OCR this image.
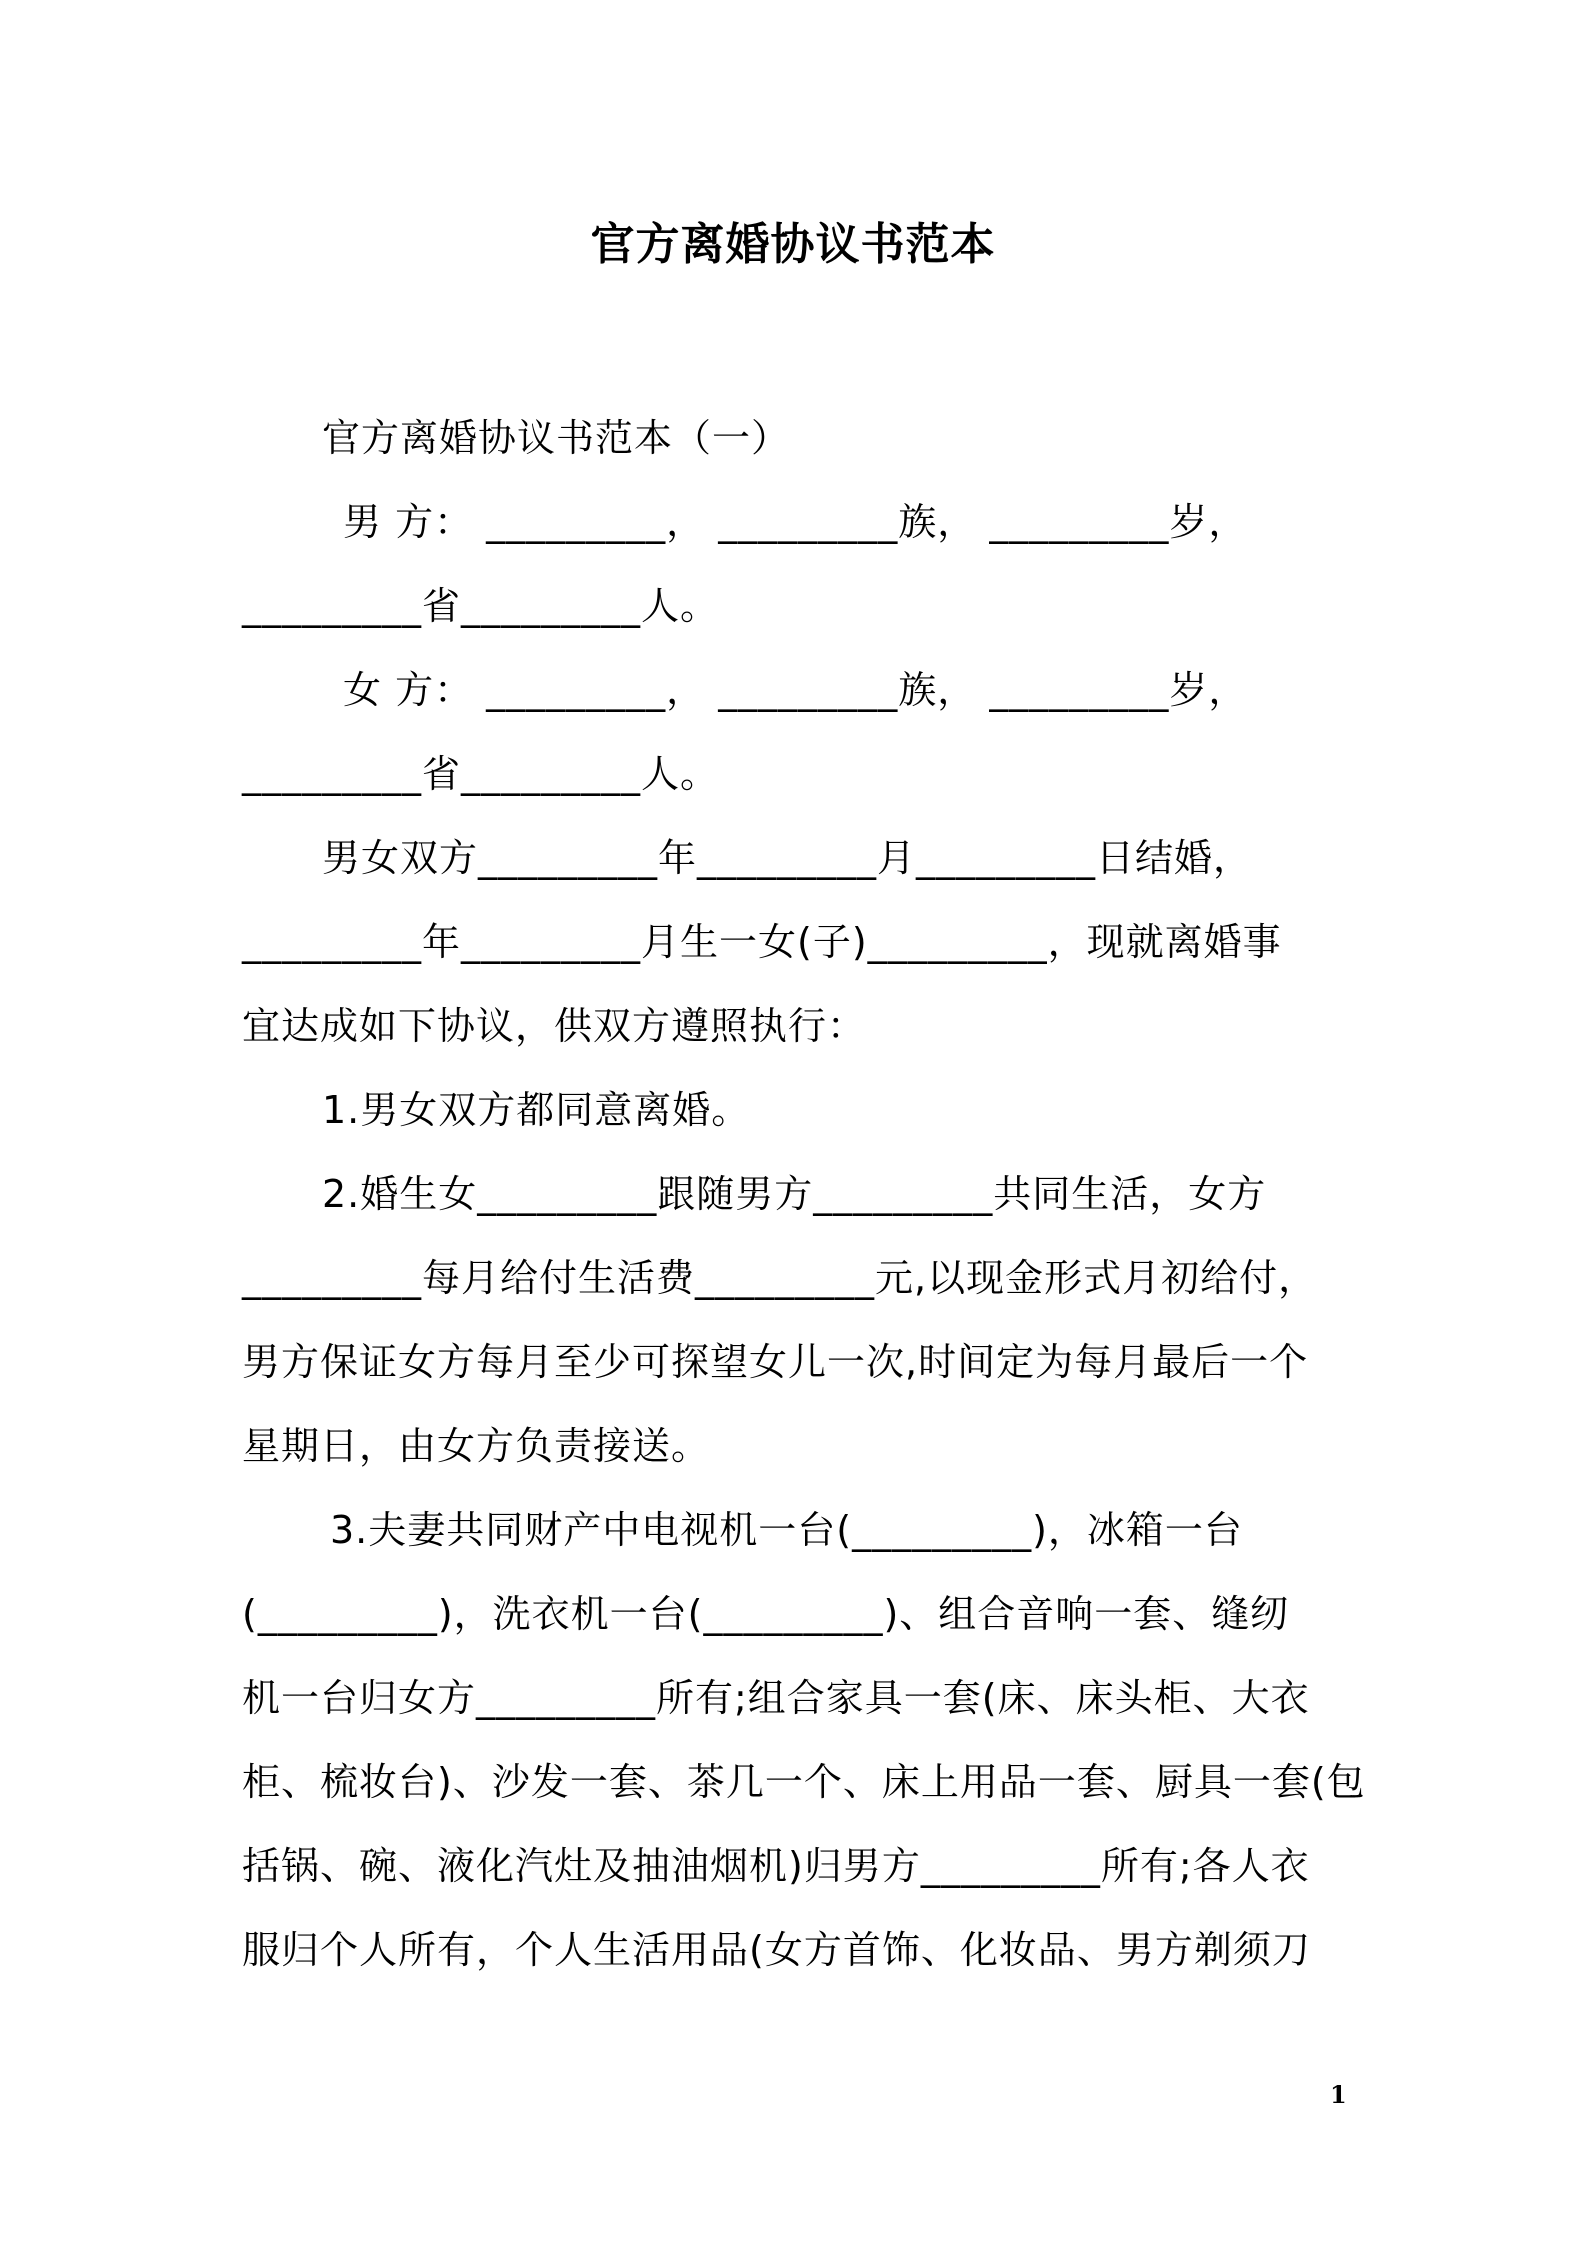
官方离婚协议书范本
官方离婚协议书范本（一）
男 方： _________， _________族， _________岁，
_________省_________人。
女 方： _________， _________族， _________岁，
_________省_________人。
男女双方_________年_________月_________日结婚，
_________年_________月生一女(子)_________，现就离婚事
宜达成如下协议，供双方遵照执行：
1.男女双方都同意离婚。
2.婚生女_________跟随男方_________共同生活，女方
_________每月给付生活费_________元,以现金形式月初给付，
男方保证女方每月至少可探望女儿一次,时间定为每月最后一个
星期日，由女方负责接送。
3.夫妻共同财产中电视机一台(_________)，冰箱一台
(_________)，洗衣机一台(_________)、组合音响一套、缝纫
机一台归女方_________所有;组合家具一套(床、床头柜、大衣
柜、梳妆台)、沙发一套、茶几一个、床上用品一套、厨具一套(包
括锅、碗、液化汽灶及抽油烟机)归男方_________所有;各人衣
服归个人所有，个人生活用品(女方首饰、化妆品、男方剃须刀
1
